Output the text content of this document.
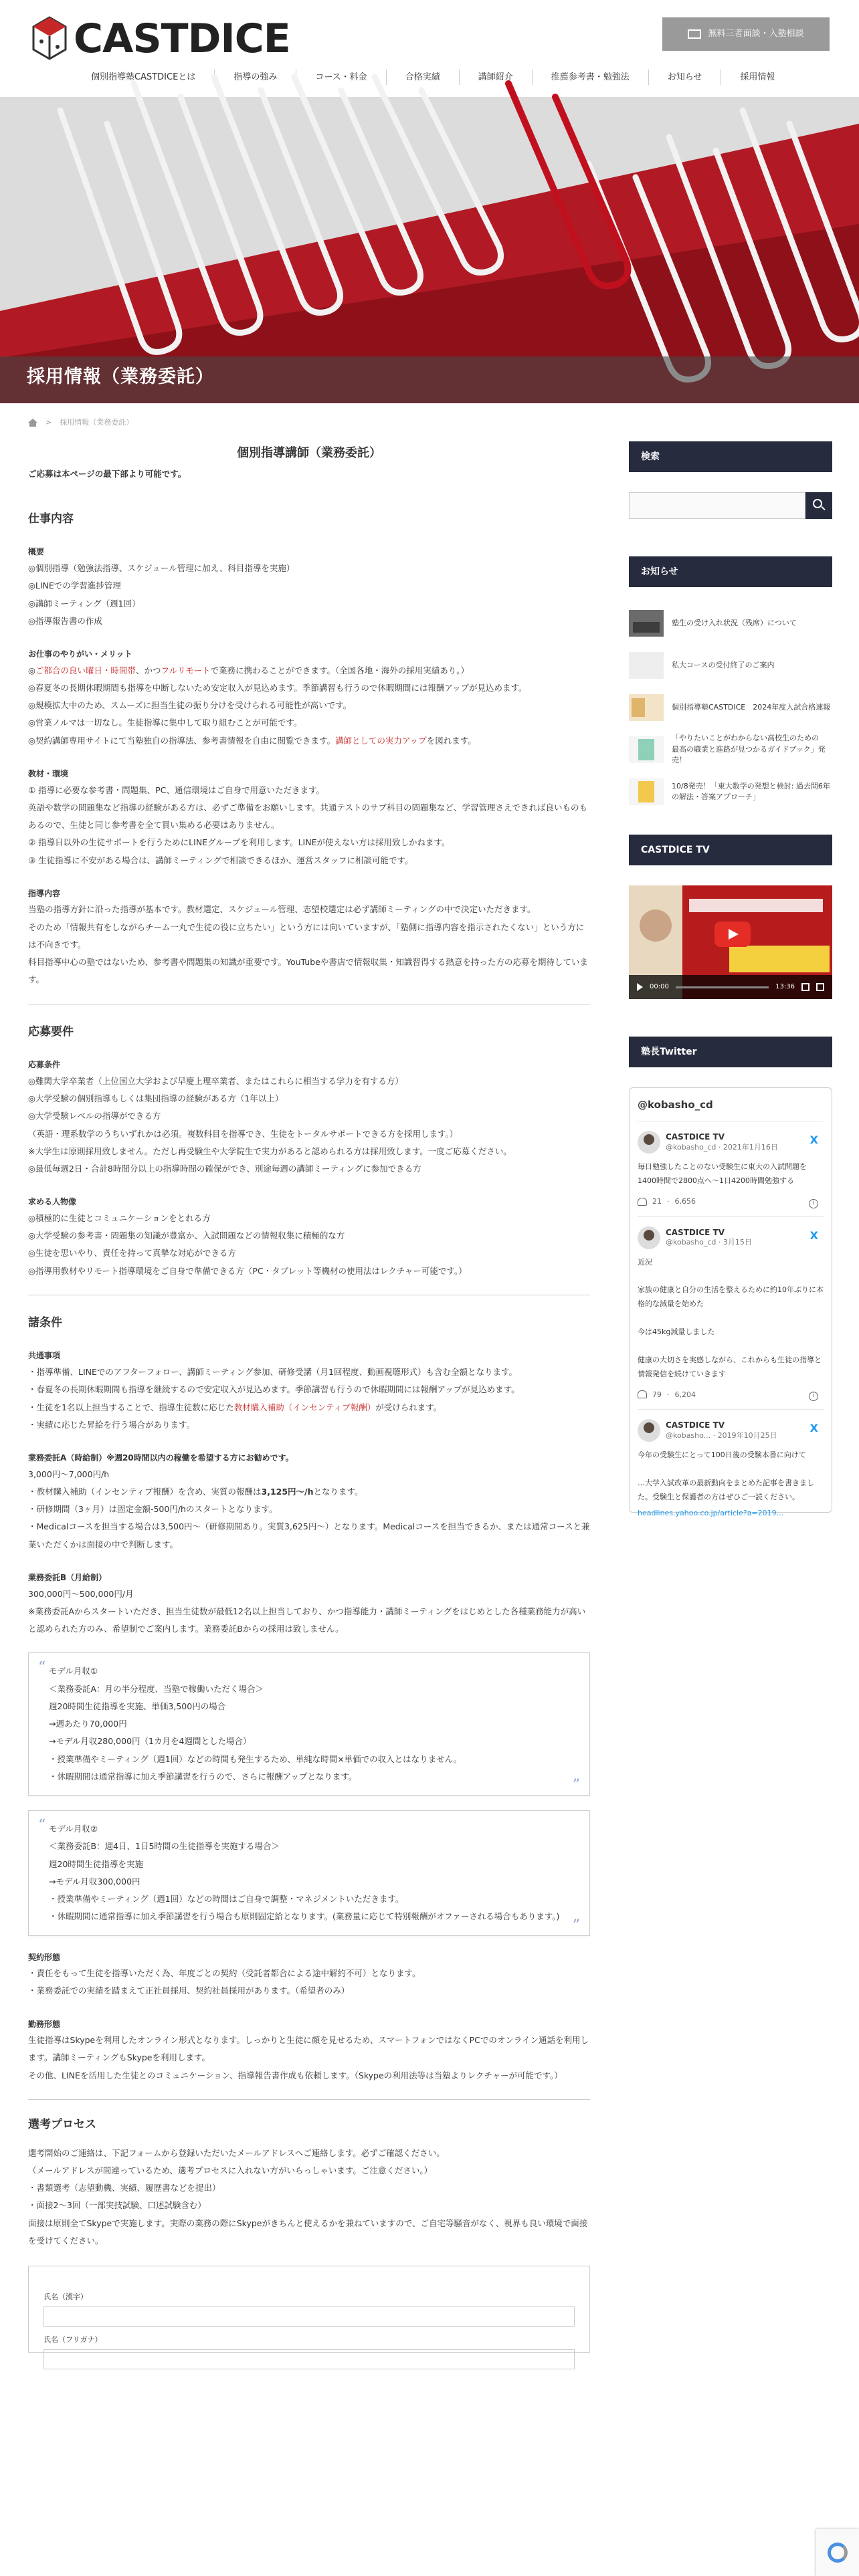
CASTDICE	無料三者面談・入塾相談
個別指導塾CASTDICEとは	指導の強み	コース・料金	合格実績	講師紹介	推薦参考書・勉強法	お知らせ	採用情報
採用情報（業務委託）
> 採用情報（業務委託）
個別指導講師（業務委託）

ご応募は本ページの最下部より可能です。

仕事内容

概要

◎個別指導（勉強法指導、スケジュール管理に加え、科目指導を実施）

◎LINEでの学習進捗管理

◎講師ミーティング（週1回）

◎指導報告書の作成

お仕事のやりがい・メリット

◎ご都合の良い曜日・時間帯、かつフルリモートで業務に携わることができます。（全国各地・海外の採用実績あり。）

◎春夏冬の長期休暇期間も指導を中断しないため安定収入が見込めます。季節講習も行うので休暇期間には報酬アップが見込めます。

◎規模拡大中のため、スムーズに担当生徒の振り分けを受けられる可能性が高いです。

◎営業ノルマは一切なし。生徒指導に集中して取り組むことが可能です。

◎契約講師専用サイトにて当塾独自の指導法、参考書情報を自由に閲覧できます。講師としての実力アップを図れます。

教材・環境

① 指導に必要な参考書・問題集、PC、通信環境はご自身で用意いただきます。

英語や数学の問題集など指導の経験がある方は、必ずご準備をお願いします。共通テストのサブ科目の問題集など、学習管理さえできれば良いものもあるので、生徒と同じ参考書を全て買い集める必要はありません。

② 指導日以外の生徒サポートを行うためにLINEグループを利用します。LINEが使えない方は採用致しかねます。

③ 生徒指導に不安がある場合は、講師ミーティングで相談できるほか、運営スタッフに相談可能です。

指導内容

当塾の指導方針に沿った指導が基本です。教材選定、スケジュール管理、志望校選定は必ず講師ミーティングの中で決定いただきます。

そのため「情報共有をしながらチーム一丸で生徒の役に立ちたい」という方には向いていますが、「塾側に指導内容を指示されたくない」という方には不向きです。

科目指導中心の塾ではないため、参考書や問題集の知識が重要です。YouTubeや書店で情報収集・知識習得する熱意を持った方の応募を期待しています。

応募要件

応募条件

◎難関大学卒業者（上位国立大学および早慶上理卒業者、またはこれらに相当する学力を有する方）

◎大学受験の個別指導もしくは集団指導の経験がある方（1年以上）

◎大学受験レベルの指導ができる方

（英語・理系数学のうちいずれかは必須。複数科目を指導でき、生徒をトータルサポートできる方を採用します。）

※大学生は原則採用致しません。ただし再受験生や大学院生で実力があると認められる方は採用致します。一度ご応募ください。

◎最低毎週2日・合計8時間分以上の指導時間の確保ができ、別途毎週の講師ミーティングに参加できる方

求める人物像

◎積極的に生徒とコミュニケーションをとれる方

◎大学受験の参考書・問題集の知識が豊富か、入試問題などの情報収集に積極的な方

◎生徒を思いやり、責任を持って真摯な対応ができる方

◎指導用教材やリモート指導環境をご自身で準備できる方（PC・タブレット等機材の使用法はレクチャー可能です。）

諸条件

共通事項

・指導準備、LINEでのアフターフォロー、講師ミーティング参加、研修受講（月1回程度、動画視聴形式）も含む全額となります。

・春夏冬の長期休暇期間も指導を継続するので安定収入が見込めます。季節講習も行うので休暇期間には報酬アップが見込めます。

・生徒を1名以上担当することで、指導生徒数に応じた教材購入補助（インセンティブ報酬）が受けられます。

・実績に応じた昇給を行う場合があります。

業務委託A（時給制）※週20時間以内の稼働を希望する方にお勧めです。

3,000円〜7,000円/h

・教材購入補助（インセンティブ報酬）を含め、実質の報酬は3,125円〜/hとなります。

・研修期間（3ヶ月）は固定金額-500円/hのスタートとなります。

・Medicalコースを担当する場合は3,500円〜（研修期間あり。実質3,625円〜）となります。Medicalコースを担当できるか、または通常コースと兼業いただくかは面接の中で判断します。

業務委託B（月給制）

300,000円〜500,000円/月

※業務委託Aからスタートいただき、担当生徒数が最低12名以上担当しており、かつ指導能力・講師ミーティングをはじめとした各種業務能力が高いと認められた方のみ、希望制でご案内します。業務委託Bからの採用は致しません。

“ モデル月収①

＜業務委託A：月の半分程度、当塾で稼働いただく場合＞

週20時間生徒指導を実施、単価3,500円の場合

→週あたり70,000円

→モデル月収280,000円（1カ月を4週間とした場合）

・授業準備やミーティング（週1回）などの時間も発生するため、単純な時間×単価での収入とはなりません。

・休暇期間は通常指導に加え季節講習を行うので、さらに報酬アップとなります。

”
“ モデル月収②

＜業務委託B：週4日、1日5時間の生徒指導を実施する場合＞

週20時間生徒指導を実施

→モデル月収300,000円

・授業準備やミーティング（週1回）などの時間はご自身で調整・マネジメントいただきます。

・休暇期間に通常指導に加え季節講習を行う場合も原則固定給となります。(業務量に応じて特別報酬がオファーされる場合もあります。)

”

契約形態

・責任をもって生徒を指導いただく為、年度ごとの契約（受託者都合による途中解約不可）となります。

・業務委託での実績を踏まえて正社員採用、契約社員採用があります。（希望者のみ）

勤務形態

生徒指導はSkypeを利用したオンライン形式となります。しっかりと生徒に顔を見せるため、スマートフォンではなくPCでのオンライン通話を利用します。講師ミーティングもSkypeを利用します。

その他、LINEを活用した生徒とのコミュニケーション、指導報告書作成も依頼します。（Skypeの利用法等は当塾よりレクチャーが可能です。）

選考プロセス

選考開始のご連絡は、下記フォームから登録いただいたメールアドレスへご連絡します。必ずご確認ください。

（メールアドレスが間違っているため、選考プロセスに入れない方がいらっしゃいます。ご注意ください。）

・書類選考（志望動機、実績、履歴書などを提出）

・面接2〜3回（一部実技試験、口述試験含む）

面接は原則全てSkypeで実施します。実際の業務の際にSkypeがきちんと使えるかを兼ねていますので、ご自宅等騒音がなく、視界も良い環境で面接を受けてください。

氏名（漢字）

氏名（フリガナ）

検索
お知らせ
塾生の受け入れ状況（残席）について
私大コースの受付終了のご案内
個別指導塾CASTDICE　2024年度入試合格速報
「やりたいことがわからない高校生のための　最高の職業と進路が見つかるガイドブック」発売！
10/8発売！「東大数学の発想と検討: 過去問6年の解法・答案アプローチ」
CASTDICE TV
00:00	13:36
塾長Twitter
@kobasho_cd
CASTDICE TV
@kobasho_cd · 2021年1月16日
X

毎日勉強したことのない受験生に東大の入試問題を1400時間で2800点へ〜1日4200時間勉強する

21 · 6,656	i
CASTDICE TV
@kobasho_cd · 3月15日
X

近況

家族の健康と自分の生活を整えるために約10年ぶりに本格的な減量を始めた

今は45kg減量しました

健康の大切さを実感しながら、これからも生徒の指導と情報発信を続けていきます

79 · 6,204	i
CASTDICE TV
@kobasho... · 2019年10月25日
X

今年の受験生にとって100日後の受験本番に向けて

…大学入試改革の最新動向をまとめた記事を書きました。受験生と保護者の方はぜひご一読ください。

headlines.yahoo.co.jp/article?a=2019...
